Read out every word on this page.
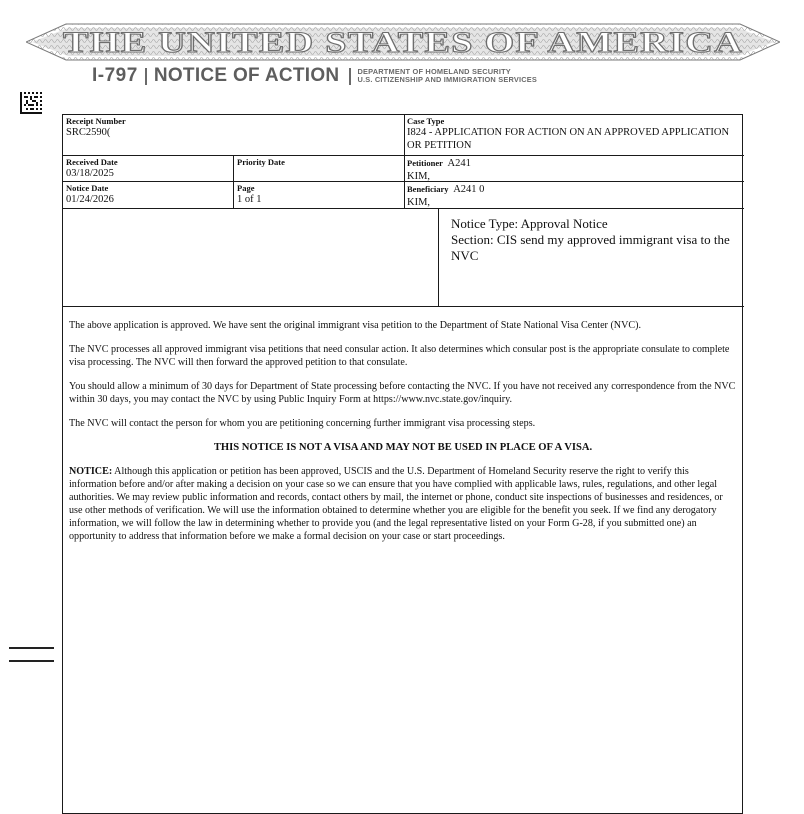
THE UNITED STATES OF AMERICA
I-797 NOTICE OF ACTION DEPARTMENT OF HOMELAND SECURITY
U.S. CITIZENSHIP AND IMMIGRATION SERVICES
Receipt Number
SRC2590(
Case Type
I824 - APPLICATION FOR ACTION ON AN APPROVED APPLICATION
OR PETITION
Received Date
03/18/2025
Priority Date	Petitioner A241
KIM,
Notice Date
01/24/2026
Page
1 of 1
Beneficiary A241 0
KIM,
Notice Type: Approval Notice
Section: CIS send my approved immigrant visa to the NVC

The above application is approved. We have sent the original immigrant visa petition to the Department of State National Visa Center (NVC).

The NVC processes all approved immigrant visa petitions that need consular action. It also determines which consular post is the appropriate consulate to complete visa processing. The NVC will then forward the approved petition to that consulate.

You should allow a minimum of 30 days for Department of State processing before contacting the NVC. If you have not received any correspondence from the NVC within 30 days, you may contact the NVC by using Public Inquiry Form at https://www.nvc.state.gov/inquiry.

The NVC will contact the person for whom you are petitioning concerning further immigrant visa processing steps.

THIS NOTICE IS NOT A VISA AND MAY NOT BE USED IN PLACE OF A VISA.

NOTICE: Although this application or petition has been approved, USCIS and the U.S. Department of Homeland Security reserve the right to verify this information before and/or after making a decision on your case so we can ensure that you have complied with applicable laws, rules, regulations, and other legal authorities. We may review public information and records, contact others by mail, the internet or phone, conduct site inspections of businesses and residences, or use other methods of verification. We will use the information obtained to determine whether you are eligible for the benefit you seek. If we find any derogatory information, we will follow the law in determining whether to provide you (and the legal representative listed on your Form G-28, if you submitted one) an opportunity to address that information before we make a formal decision on your case or start proceedings.
